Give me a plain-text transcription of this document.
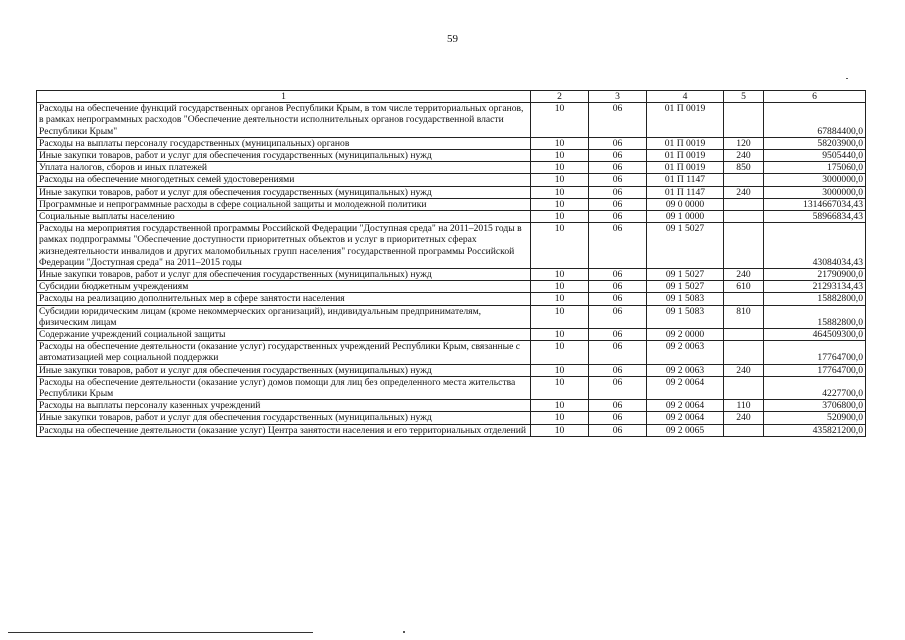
59
1	2	3	4	5	6
Расходы на обеспечение функций государственных органов Республики Крым, в том числе территориальных органов, в рамках непрограммных расходов "Обеспечение деятельности исполнительных органов государственной власти Республики Крым"	10	06	01 П 0019		67884400,0
Расходы на выплаты персоналу государственных (муниципальных) органов	10	06	01 П 0019	120	58203900,0
Иные закупки товаров, работ и услуг для обеспечения государственных (муниципальных) нужд	10	06	01 П 0019	240	9505440,0
Уплата налогов, сборов и иных платежей	10	06	01 П 0019	850	175060,0
Расходы на обеспечение многодетных семей удостоверениями	10	06	01 П 1147		3000000,0
Иные закупки товаров, работ и услуг для обеспечения государственных (муниципальных) нужд	10	06	01 П 1147	240	3000000,0
Программные и непрограммные расходы в сфере социальной защиты и молодежной политики	10	06	09 0 0000		1314667034,43
Социальные выплаты населению	10	06	09 1 0000		58966834,43
Расходы на мероприятия государственной программы Российской Федерации "Доступная среда" на 2011–2015 годы в рамках подпрограммы "Обеспечение доступности приоритетных объектов и услуг в приоритетных сферах жизнедеятельности инвалидов и других маломобильных групп населения" государственной программы Российской Федерации "Доступная среда" на 2011–2015 годы	10	06	09 1 5027		43084034,43
Иные закупки товаров, работ и услуг для обеспечения государственных (муниципальных) нужд	10	06	09 1 5027	240	21790900,0
Субсидии бюджетным учреждениям	10	06	09 1 5027	610	21293134,43
Расходы на реализацию дополнительных мер в сфере занятости населения	10	06	09 1 5083		15882800,0
Субсидии юридическим лицам (кроме некоммерческих организаций), индивидуальным предпринимателям, физическим лицам	10	06	09 1 5083	810	15882800,0
Содержание учреждений социальной защиты	10	06	09 2 0000		464509300,0
Расходы на обеспечение деятельности (оказание услуг) государственных учреждений Республики Крым, связанные с автоматизацией мер социальной поддержки	10	06	09 2 0063		17764700,0
Иные закупки товаров, работ и услуг для обеспечения государственных (муниципальных) нужд	10	06	09 2 0063	240	17764700,0
Расходы на обеспечение деятельности (оказание услуг) домов помощи для лиц без определенного места жительства Республики Крым	10	06	09 2 0064		4227700,0
Расходы на выплаты персоналу казенных учреждений	10	06	09 2 0064	110	3706800,0
Иные закупки товаров, работ и услуг для обеспечения государственных (муниципальных) нужд	10	06	09 2 0064	240	520900,0
Расходы на обеспечение деятельности (оказание услуг) Центра занятости населения и его территориальных отделений	10	06	09 2 0065		435821200,0
